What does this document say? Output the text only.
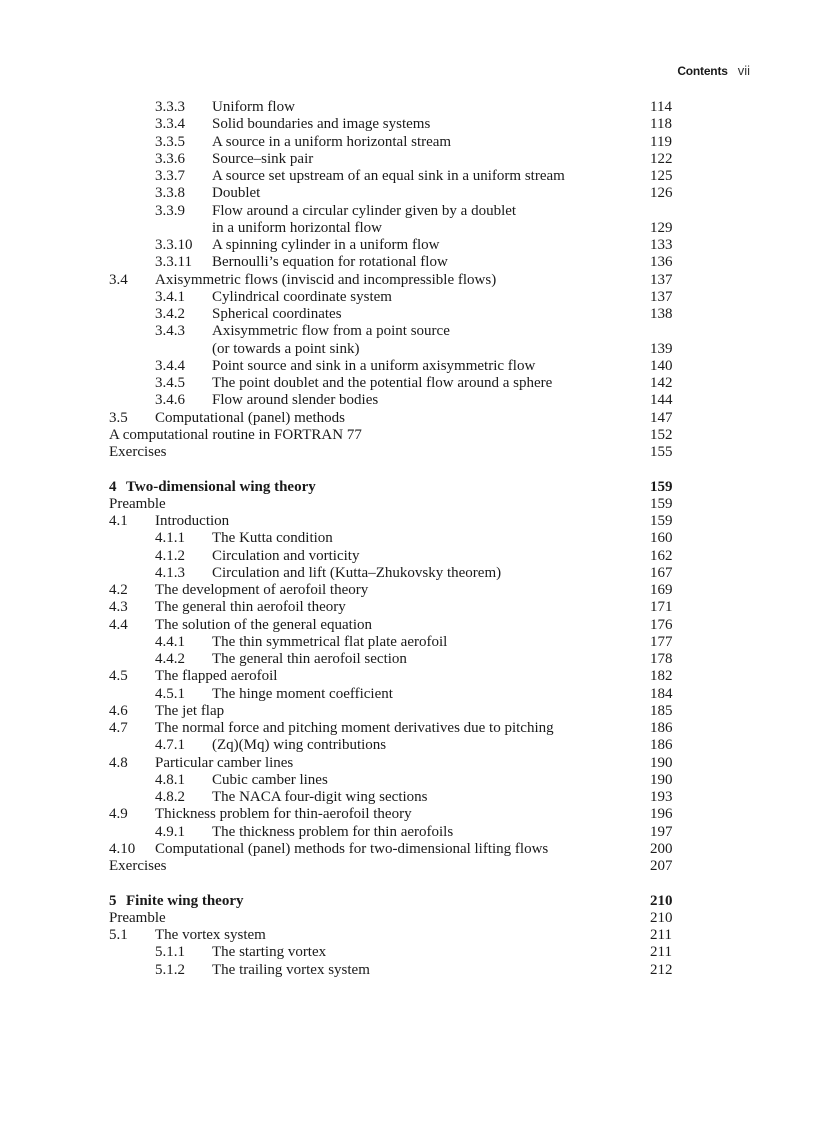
Contents vii
3.3.3 Uniform flow	114
3.3.4 Solid boundaries and image systems	118
3.3.5 A source in a uniform horizontal stream	119
3.3.6 Source–sink pair	122
3.3.7 A source set upstream of an equal sink in a uniform stream	125
3.3.8 Doublet	126
3.3.9 Flow around a circular cylinder given by a doublet
in a uniform horizontal flow	129
3.3.10 A spinning cylinder in a uniform flow	133
3.3.11 Bernoulli’s equation for rotational flow	136
3.4 Axisymmetric flows (inviscid and incompressible flows)	137
3.4.1 Cylindrical coordinate system	137
3.4.2 Spherical coordinates	138
3.4.3 Axisymmetric flow from a point source
(or towards a point sink)	139
3.4.4 Point source and sink in a uniform axisymmetric flow	140
3.4.5 The point doublet and the potential flow around a sphere	142
3.4.6 Flow around slender bodies	144
3.5 Computational (panel) methods	147
A computational routine in FORTRAN 77	152
Exercises	155
4 Two-dimensional wing theory	159
Preamble	159
4.1 Introduction	159
4.1.1 The Kutta condition	160
4.1.2 Circulation and vorticity	162
4.1.3 Circulation and lift (Kutta–Zhukovsky theorem)	167
4.2 The development of aerofoil theory	169
4.3 The general thin aerofoil theory	171
4.4 The solution of the general equation	176
4.4.1 The thin symmetrical flat plate aerofoil	177
4.4.2 The general thin aerofoil section	178
4.5 The flapped aerofoil	182
4.5.1 The hinge moment coefficient	184
4.6 The jet flap	185
4.7 The normal force and pitching moment derivatives due to pitching	186
4.7.1 (Zq)(Mq) wing contributions	186
4.8 Particular camber lines	190
4.8.1 Cubic camber lines	190
4.8.2 The NACA four-digit wing sections	193
4.9 Thickness problem for thin-aerofoil theory	196
4.9.1 The thickness problem for thin aerofoils	197
4.10 Computational (panel) methods for two-dimensional lifting flows	200
Exercises	207
5 Finite wing theory	210
Preamble	210
5.1 The vortex system	211
5.1.1 The starting vortex	211
5.1.2 The trailing vortex system	212
